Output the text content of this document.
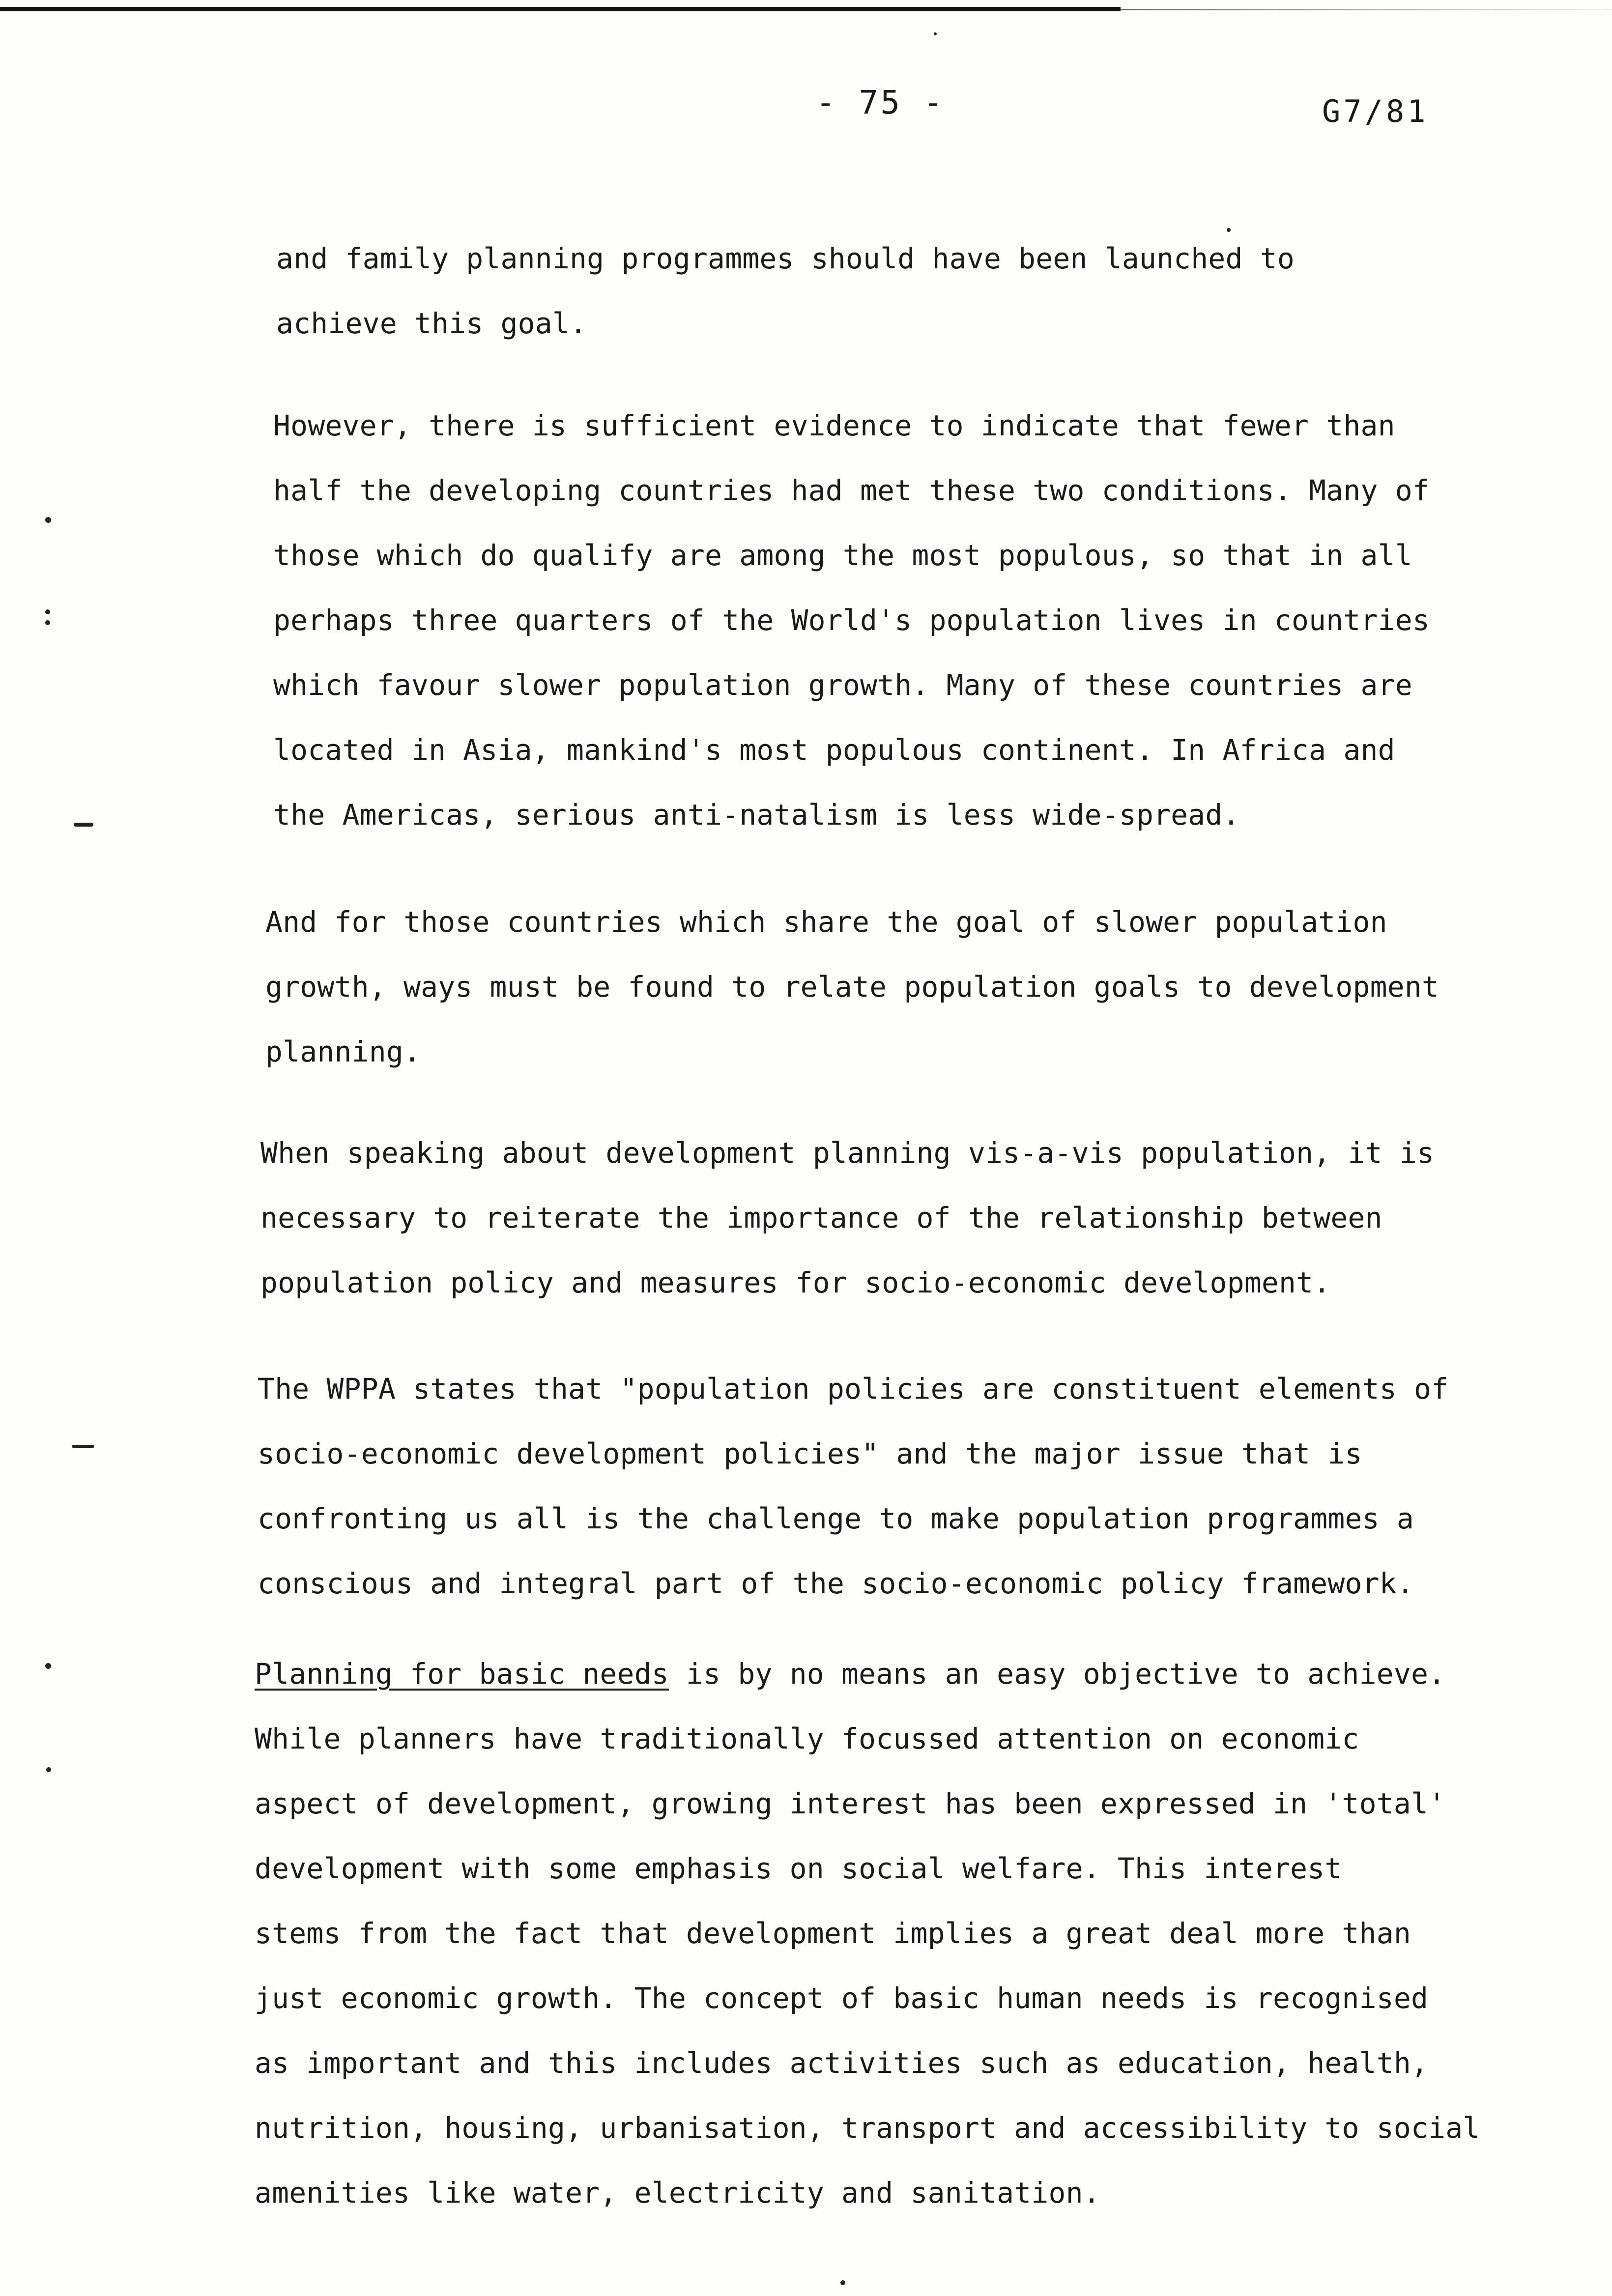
- 75 -	G7/81
and family planning programmes should have been launched to
achieve this goal.
However, there is sufficient evidence to indicate that fewer than
half the developing countries had met these two conditions. Many of
those which do qualify are among the most populous, so that in all
perhaps three quarters of the World's population lives in countries
which favour slower population growth. Many of these countries are
located in Asia, mankind's most populous continent. In Africa and
the Americas, serious anti-natalism is less wide-spread.
And for those countries which share the goal of slower population
growth, ways must be found to relate population goals to development
planning.
When speaking about development planning vis-a-vis population, it is
necessary to reiterate the importance of the relationship between
population policy and measures for socio-economic development.
The WPPA states that "population policies are constituent elements of
socio-economic development policies" and the major issue that is
confronting us all is the challenge to make population programmes a
conscious and integral part of the socio-economic policy framework.
Planning for basic needs is by no means an easy objective to achieve.
While planners have traditionally focussed attention on economic
aspect of development, growing interest has been expressed in 'total'
development with some emphasis on social welfare. This interest
stems from the fact that development implies a great deal more than
just economic growth. The concept of basic human needs is recognised
as important and this includes activities such as education, health,
nutrition, housing, urbanisation, transport and accessibility to social
amenities like water, electricity and sanitation.
